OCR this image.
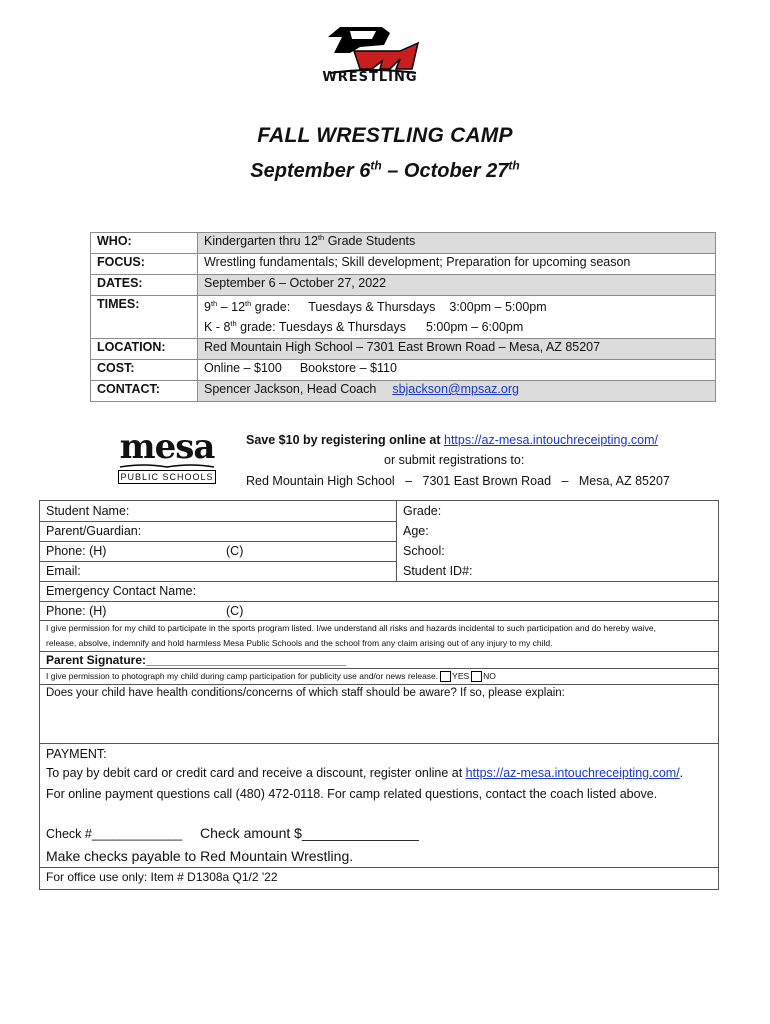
WRESTLING
FALL WRESTLING CAMP
September 6th – October 27th
WHO:	Kindergarten thru 12th Grade Students
FOCUS:	Wrestling fundamentals; Skill development; Preparation for upcoming season
DATES:	September 6 – October 27, 2022
TIMES:	9th – 12th grade: Tuesdays & Thursdays 3:00pm – 5:00pm
K - 8th grade: Tuesdays & Thursdays 5:00pm – 6:00pm

LOCATION:	Red Mountain High School – 7301 East Brown Road – Mesa, AZ 85207
COST:	Online – $100 Bookstore – $110
CONTACT:	Spencer Jackson, Head Coach sbjackson@mpsaz.org
mesa
PUBLIC SCHOOLS
Save $10 by registering online at https://az-mesa.intouchreceipting.com/
or submit registrations to:
Red Mountain High School   –   7301 East Brown Road   –   Mesa, AZ 85207
Student Name:	Grade:
Parent/Guardian:	Age:
Phone: (H)	(C)	School:
Email:	Student ID#:
Emergency Contact Name:
Phone: (H)	(C)
I give permission for my child to participate in the sports program listed. I/we understand all risks and hazards incidental to such participation and do hereby waive,
release, absolve, indemnify and hold harmless Mesa Public Schools and the school from any claim arising out of any injury to my child.
Parent Signature:______________________________
I give permission to photograph my child during camp participation for publicity use and/or news release. YES NO
Does your child have health conditions/concerns of which staff should be aware? If so, please explain:
PAYMENT:
To pay by debit card or credit card and receive a discount, register online at https://az-mesa.intouchreceipting.com/.
For online payment questions call (480) 472-0118. For camp related questions, contact the coach listed above.
Check #_____________ Check amount $_______________
Make checks payable to Red Mountain Wrestling.
For office use only: Item # D1308a Q1/2 '22
